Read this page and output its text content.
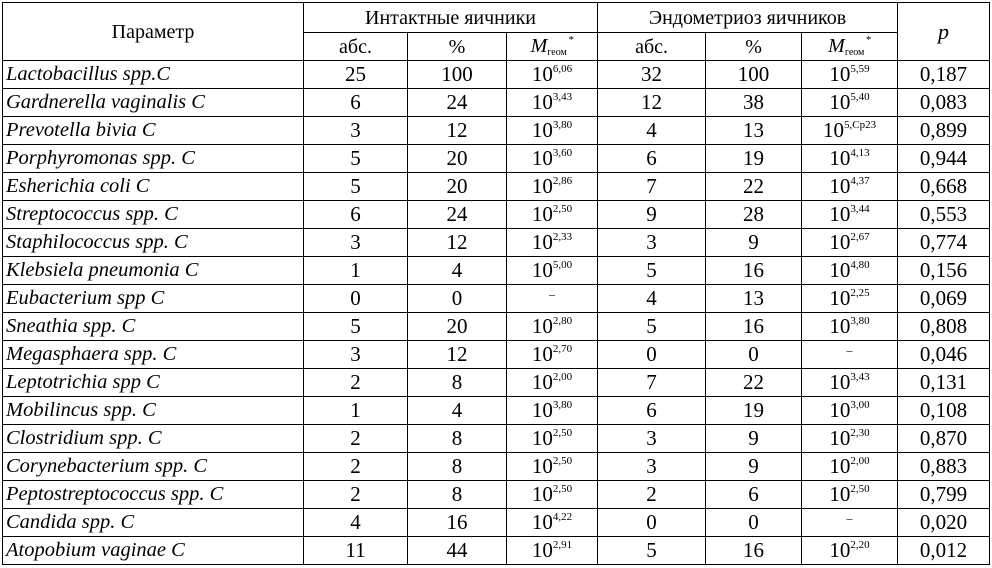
Параметр	Интактные яичники			Эндометриоз яичников			p
	абс.	%	$M_{геом}^*$	абс.	%	$M_{геом}^*$
Lactobacillus spp.C	25	100	10$^{6,06}$	32	100	10$^{5,59}$	0,187
Gardnerella vaginalis C	6	24	10$^{3,43}$	12	38	10$^{5,40}$	0,083
Prevotella bivia C	3	12	10$^{3,80}$	4	13	$10^{5,Ср23}$	0,899
Porphyromonas spp. C	5	20	10$^{3,60}$	6	19	10$^{4,13}$	0,944
Esherichia coli C	5	20	10$^{2,86}$	7	22	10$^{4,37}$	0,668
Streptococcus spp. C	6	24	10$^{2,50}$	9	28	10$^{3,44}$	0,553
Staphilococcus spp. C	3	12	10$^{2,33}$	3	9	10$^{2,67}$	0,774
Klebsiela pneumonia C	1	4	10$^{5,00}$	5	16	10$^{4,80}$	0,156
Eubacterium spp C	0	0	–	4	13	10$^{2,25}$	0,069
Sneathia spp. C	5	20	10$^{2,80}$	5	16	10$^{3,80}$	0,808
Megasphaera spp. C	3	12	10$^{2,70}$	0	0	–	0,046
Leptotrichia spp C	2	8	10$^{2,00}$	7	22	10$^{3,43}$	0,131
Mobilincus spp. C	1	4	10$^{3,80}$	6	19	10$^{3,00}$	0,108
Clostridium spp. C	2	8	10$^{2,50}$	3	9	10$^{2,30}$	0,870
Corynebacterium spp. C	2	8	10$^{2,50}$	3	9	10$^{2,00}$	0,883
Peptostreptococcus spp. C	2	8	10$^{2,50}$	2	6	10$^{2,50}$	0,799
Candida spp. C	4	16	10$^{4,22}$	0	0	–	0,020
Atopobium vaginae C	11	44	10$^{2,91}$	5	16	10$^{2,20}$	0,012
